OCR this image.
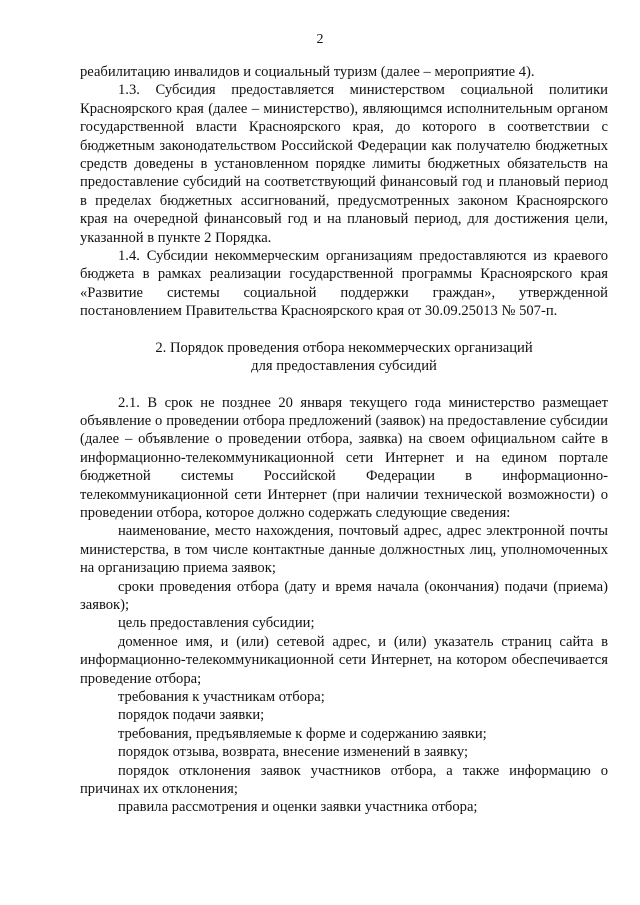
2

реабилитацию инвалидов и социальный туризм (далее – мероприятие 4).

1.3. Субсидия предоставляется министерством социальной политики Красноярского края (далее – министерство), являющимся исполнительным органом государственной власти Красноярского края, до которого в соответствии с бюджетным законодательством Российской Федерации как получателю бюджетных средств доведены в установленном порядке лимиты бюджетных обязательств на предоставление субсидий на соответствующий финансовый год и плановый период в пределах бюджетных ассигнований, предусмотренных законом Красноярского края на очередной финансовый год и на плановый период, для достижения цели, указанной в пункте 2 Порядка.

1.4. Субсидии некоммерческим организациям предоставляются из краевого бюджета в рамках реализации государственной программы Красноярского края «Развитие системы социальной поддержки граждан», утвержденной постановлением Правительства Красноярского края от 30.09.25013 № 507-п.

2. Порядок проведения отбора некоммерческих организаций
для предоставления субсидий

2.1. В срок не позднее 20 января текущего года министерство размещает объявление о проведении отбора предложений (заявок) на предоставление субсидии (далее – объявление о проведении отбора, заявка) на своем официальном сайте в информационно-телекоммуникационной сети Интернет и на едином портале бюджетной системы Российской Федерации в информационно-телекоммуникационной сети Интернет (при наличии технической возможности) о проведении отбора, которое должно содержать следующие сведения:

наименование, место нахождения, почтовый адрес, адрес электронной почты министерства, в том числе контактные данные должностных лиц, уполномоченных на организацию приема заявок;

сроки проведения отбора (дату и время начала (окончания) подачи (приема) заявок);

цель предоставления субсидии;

доменное имя, и (или) сетевой адрес, и (или) указатель страниц сайта в информационно-телекоммуникационной сети Интернет, на котором обеспечивается проведение отбора;

требования к участникам отбора;

порядок подачи заявки;

требования, предъявляемые к форме и содержанию заявки;

порядок отзыва, возврата, внесение изменений в заявку;

порядок отклонения заявок участников отбора, а также информацию о причинах их отклонения;

правила рассмотрения и оценки заявки участника отбора;
